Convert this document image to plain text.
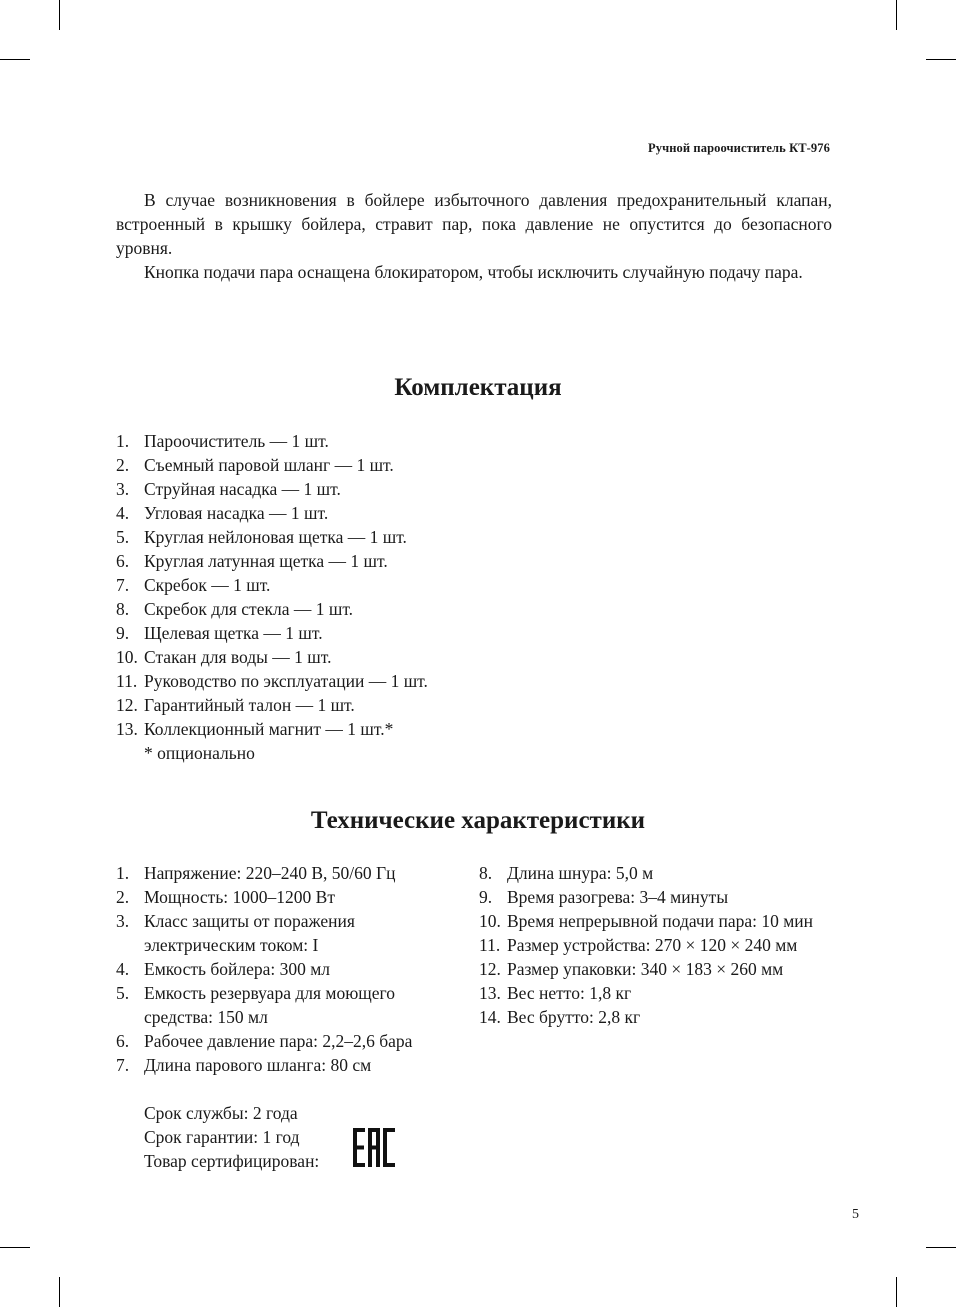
Ручной пароочиститель КТ-976

В случае возникновения в бойлере избыточного давления предохранительный клапан, встроенный в крышку бойлера, стравит пар, пока давление не опустится до безопасного уровня.

Кнопка подачи пара оснащена блокиратором, чтобы исключить случайную подачу пара.

Комплектация
1. Пароочиститель — 1 шт.
2. Съемный паровой шланг — 1 шт.
3. Струйная насадка — 1 шт.
4. Угловая насадка — 1 шт.
5. Круглая нейлоновая щетка — 1 шт.
6. Круглая латунная щетка — 1 шт.
7. Скребок — 1 шт.
8. Скребок для стекла — 1 шт.
9. Щелевая щетка — 1 шт.
10. Стакан для воды — 1 шт.
11. Руководство по эксплуатации — 1 шт.
12. Гарантийный талон — 1 шт.
13. Коллекционный магнит — 1 шт.*
* опционально
Технические характеристики
1. Напряжение: 220–240 В, 50/60 Гц
2. Мощность: 1000–1200 Вт
3. Класс защиты от поражения электрическим током: I
4. Емкость бойлера: 300 мл
5. Емкость резервуара для моющего средства: 150 мл
6. Рабочее давление пара: 2,2–2,6 бара
7. Длина парового шланга: 80 см
8. Длина шнура: 5,0 м
9. Время разогрева: 3–4 минуты
10. Время непрерывной подачи пара: 10 мин
11. Размер устройства: 270 × 120 × 240 мм
12. Размер упаковки: 340 × 183 × 260 мм
13. Вес нетто: 1,8 кг
14. Вес брутто: 2,8 кг
Срок службы: 2 года
Срок гарантии: 1 год
Товар сертифицирован:
5
